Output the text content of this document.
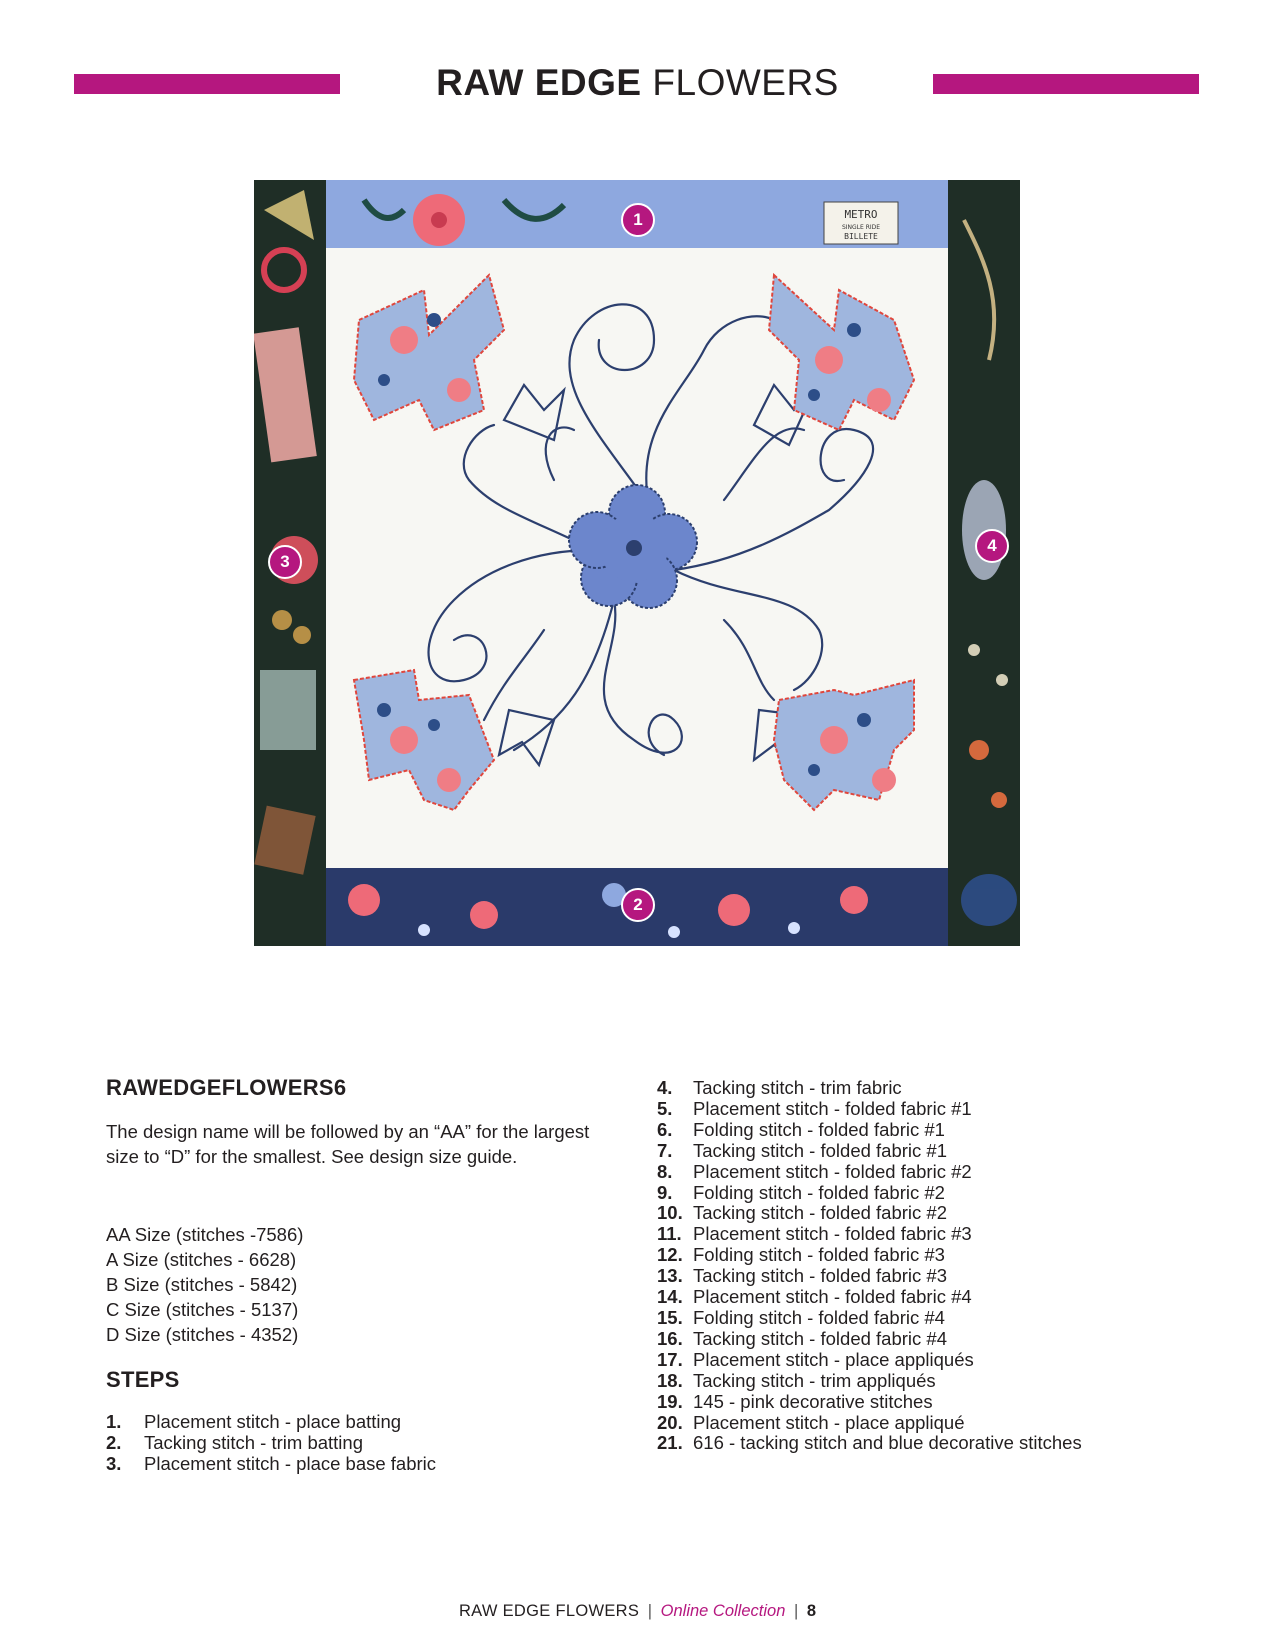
RAW EDGE FLOWERS
METRO
SINGLE RIDE
BILLETE
1
2
3
4
RAWEDGEFLOWERS6
The design name will be followed by an “AA” for the largest size to “D” for the smallest. See design size guide.
AA Size (stitches -7586)
A Size (stitches - 6628)
B Size (stitches - 5842)
C Size (stitches - 5137)
D Size (stitches - 4352)
STEPS
1. Placement stitch - place batting
2. Tacking stitch - trim batting
3. Placement stitch - place base fabric
4. Tacking stitch - trim fabric
5. Placement stitch - folded fabric #1
6. Folding stitch - folded fabric #1
7. Tacking stitch - folded fabric #1
8. Placement stitch - folded fabric #2
9. Folding stitch - folded fabric #2
10. Tacking stitch - folded fabric #2
11. Placement stitch - folded fabric #3
12. Folding stitch - folded fabric #3
13. Tacking stitch - folded fabric #3
14. Placement stitch - folded fabric #4
15. Folding stitch - folded fabric #4
16. Tacking stitch - folded fabric #4
17. Placement stitch - place appliqués
18. Tacking stitch - trim appliqués
19. 145 - pink decorative stitches
20. Placement stitch - place appliqué
21. 616 - tacking stitch and blue decorative stitches
RAW EDGE FLOWERS | Online Collection | 8
